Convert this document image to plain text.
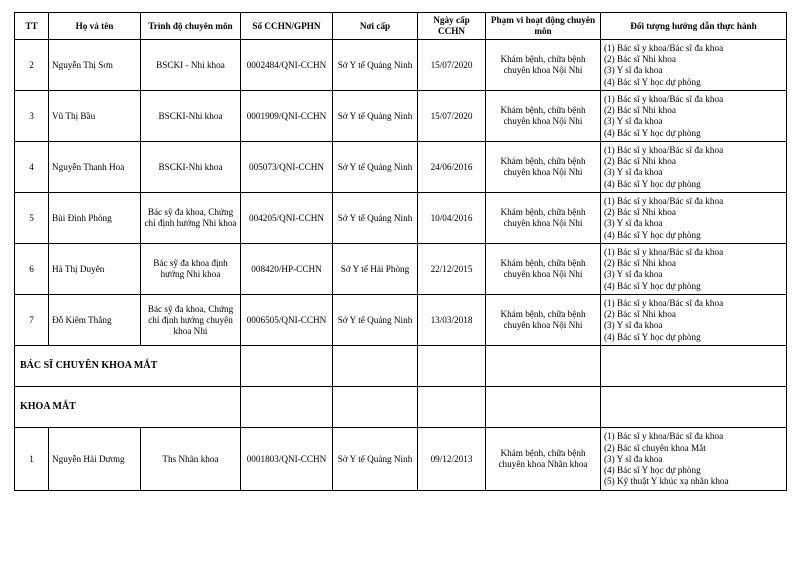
TT	Họ và tên	Trình độ chuyên môn	Số CCHN/GPHN	Nơi cấp	Ngày cấp CCHN	Phạm vi hoạt động chuyên môn	Đối tượng hướng dẫn thực hành
2	Nguyễn Thị Sơn	BSCKI - Nhi khoa	0002484/QNI-CCHN	Sở Y tế Quảng Ninh	15/07/2020	Khám bệnh, chữa bệnh chuyên khoa Nội Nhi	(1) Bác sĩ y khoa/Bác sĩ đa khoa
(2) Bác sĩ Nhi khoa
(3) Y sĩ đa khoa
(4) Bác sĩ Y học dự phòng

3	Vũ Thị Bầu	BSCKI-Nhi khoa	0001909/QNI-CCHN	Sở Y tế Quảng Ninh	15/07/2020	Khám bệnh, chữa bệnh chuyên khoa Nội Nhi	(1) Bác sĩ y khoa/Bác sĩ đa khoa
(2) Bác sĩ Nhi khoa
(3) Y sĩ đa khoa
(4) Bác sĩ Y học dự phòng

4	Nguyễn Thanh Hoa	BSCKI-Nhi khoa	005073/QNI-CCHN	Sở Y tế Quảng Ninh	24/06/2016	Khám bệnh, chữa bệnh chuyên khoa Nội Nhi	(1) Bác sĩ y khoa/Bác sĩ đa khoa
(2) Bác sĩ Nhi khoa
(3) Y sĩ đa khoa
(4) Bác sĩ Y học dự phòng

5	Bùi Đình Phòng	Bác sỹ đa khoa, Chứng chỉ định hướng Nhi khoa	004205/QNI-CCHN	Sở Y tế Quảng Ninh	10/04/2016	Khám bệnh, chữa bệnh chuyên khoa Nội Nhi	(1) Bác sĩ y khoa/Bác sĩ đa khoa
(2) Bác sĩ Nhi khoa
(3) Y sĩ đa khoa
(4) Bác sĩ Y học dự phòng

6	Hà Thị Duyên	Bác sỹ đa khoa định hướng Nhi khoa	008420/HP-CCHN	Sở Y tế Hải Phòng	22/12/2015	Khám bệnh, chữa bệnh chuyên khoa Nội Nhi	(1) Bác sĩ y khoa/Bác sĩ đa khoa
(2) Bác sĩ Nhi khoa
(3) Y sĩ đa khoa
(4) Bác sĩ Y học dự phòng

7	Đỗ Kiêm Thắng	Bác sỹ đa khoa, Chứng chỉ định hướng chuyên khoa Nhi	0006505/QNI-CCHN	Sở Y tế Quảng Ninh	13/03/2018	Khám bệnh, chữa bệnh chuyên khoa Nội Nhi	(1) Bác sĩ y khoa/Bác sĩ đa khoa
(2) Bác sĩ Nhi khoa
(3) Y sĩ đa khoa
(4) Bác sĩ Y học dự phòng

BÁC SĨ CHUYÊN KHOA MẮT							
KHOA MẮT							
1	Nguyễn Hải Dương	Ths Nhãn khoa	0001803/QNI-CCHN	Sở Y tế Quảng Ninh	09/12/2013	Khám bệnh, chữa bệnh chuyên khoa Nhãn khoa	(1) Bác sĩ y khoa/Bác sĩ đa khoa
(2) Bác sĩ chuyên khoa Mắt
(3) Y sĩ đa khoa
(4) Bác sĩ Y học dự phòng
(5) Kỹ thuật Y khúc xạ nhãn khoa
